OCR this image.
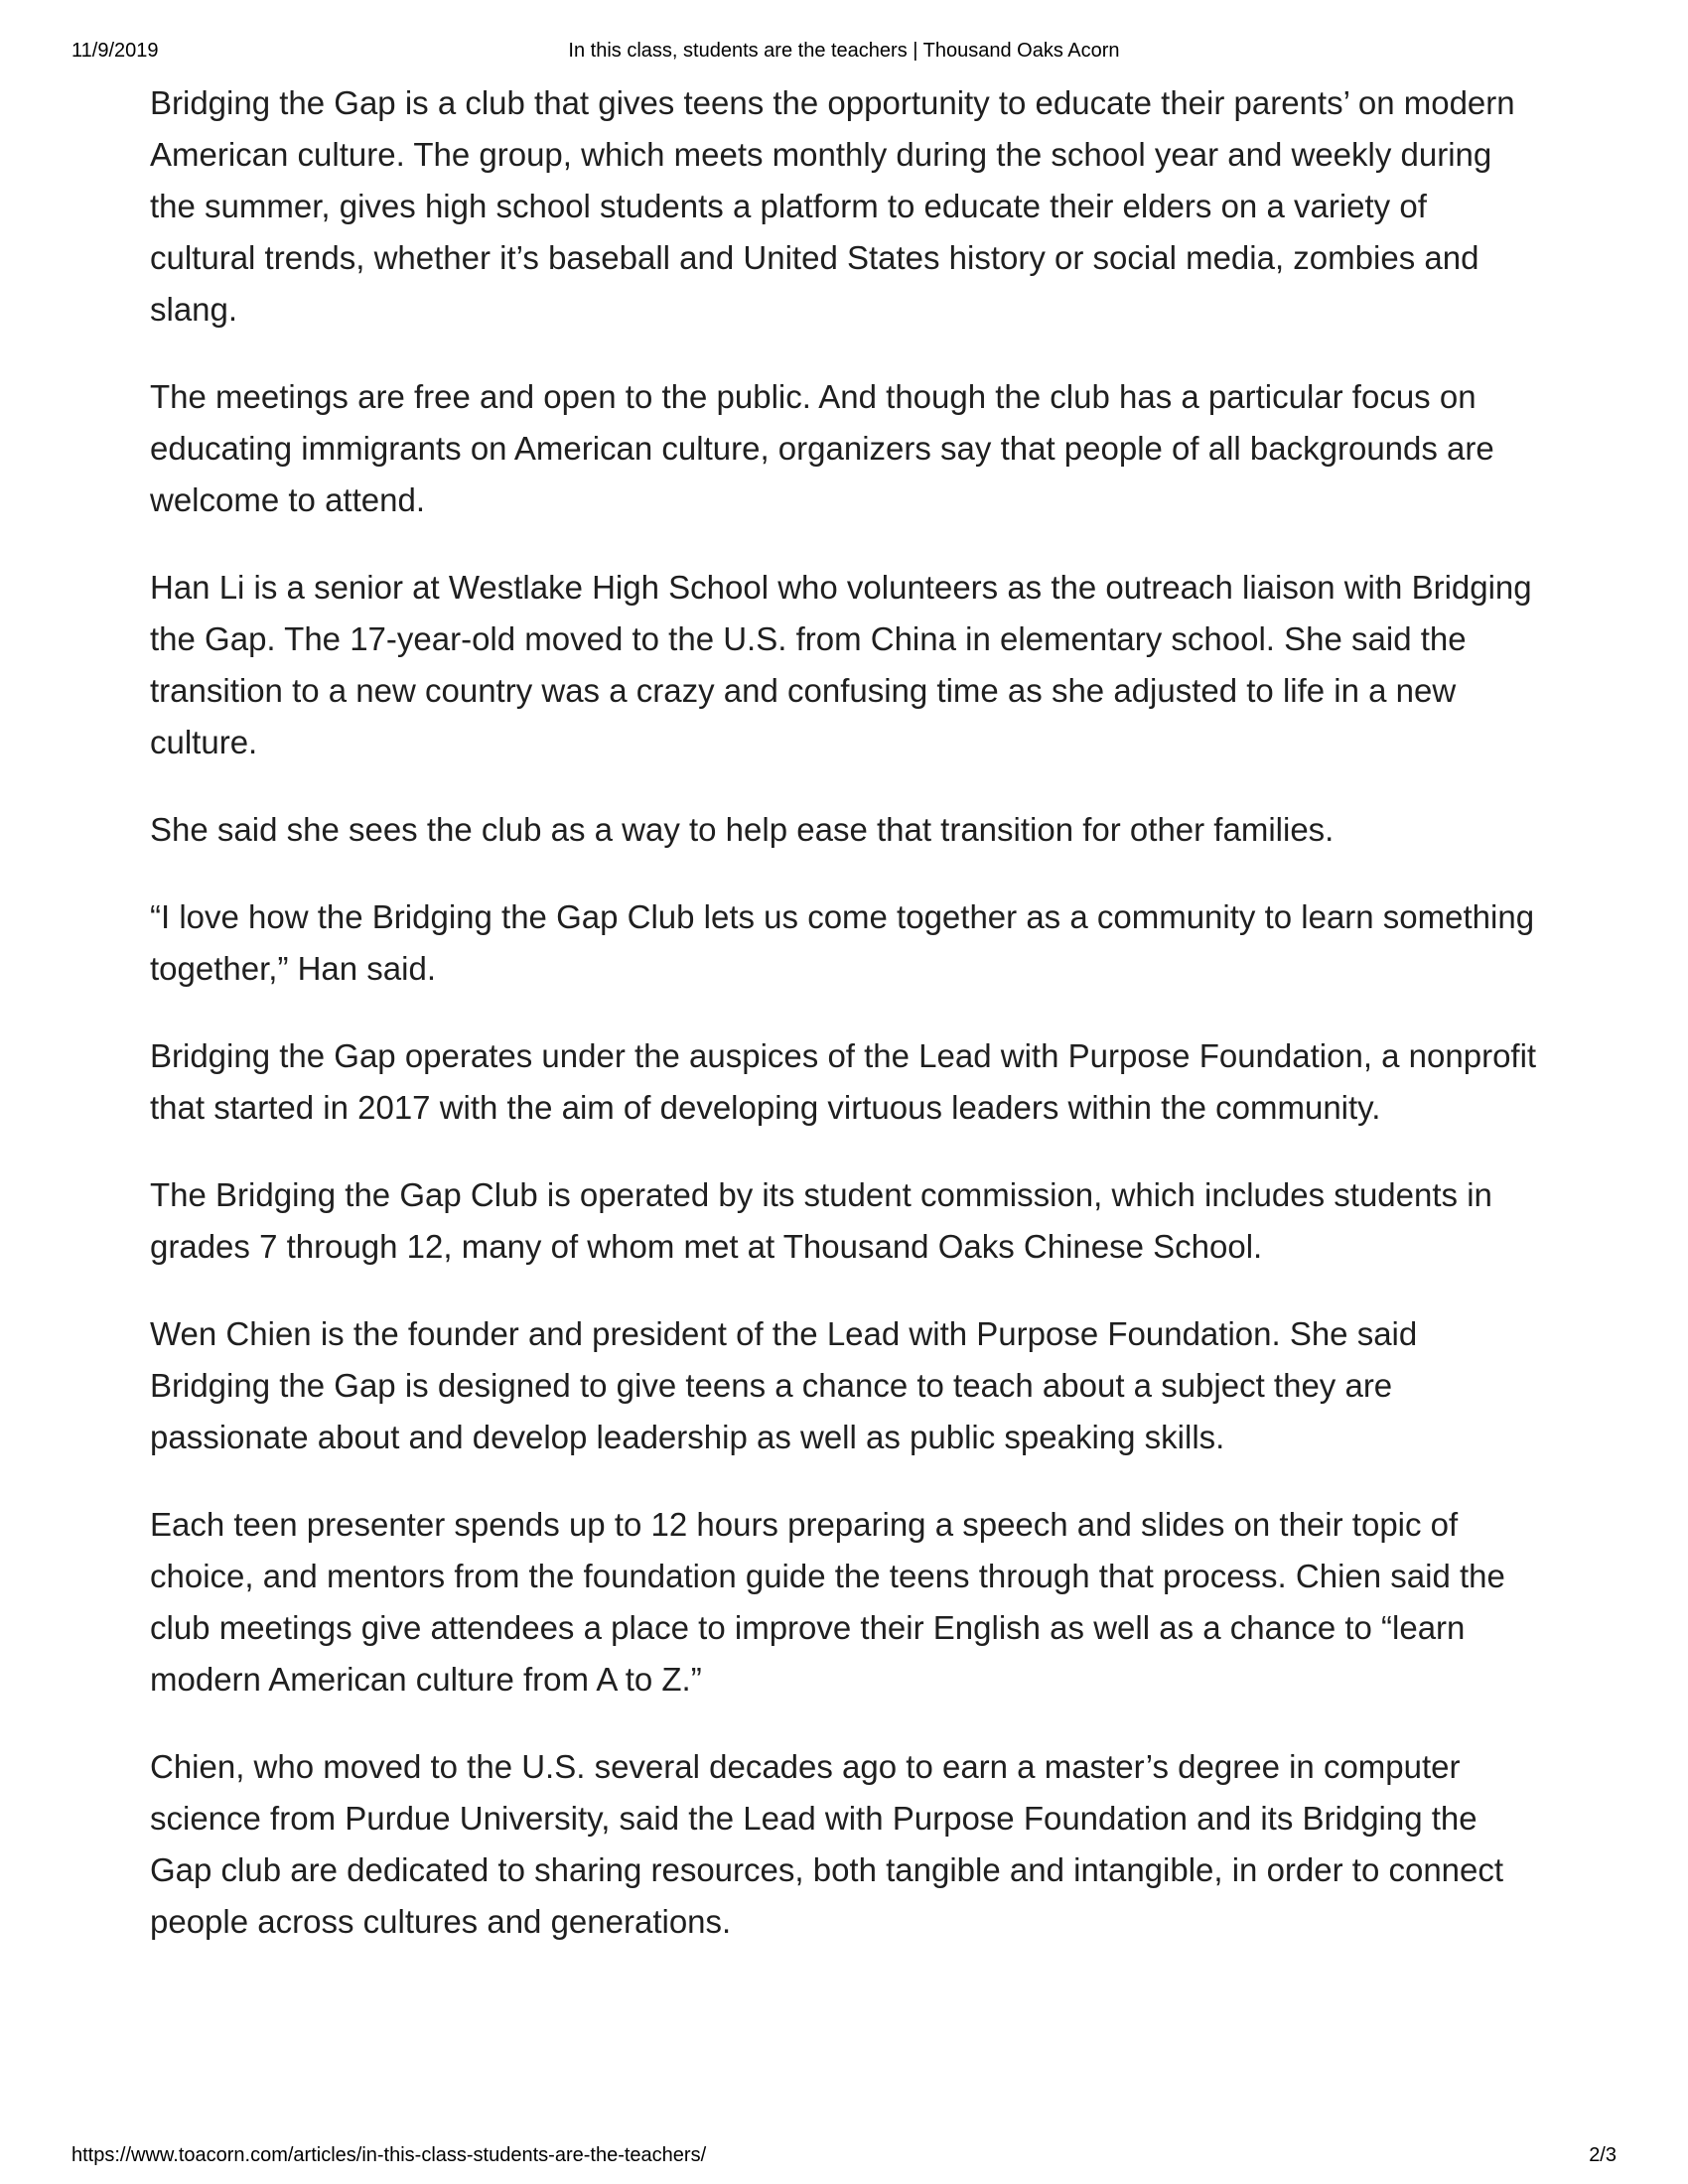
11/9/2019	In this class, students are the teachers | Thousand Oaks Acorn

Bridging the Gap is a club that gives teens the opportunity to educate their parents’ on modern American culture. The group, which meets monthly during the school year and weekly during the summer, gives high school students a platform to educate their elders on a variety of cultural trends, whether it’s baseball and United States history or social media, zombies and slang.

The meetings are free and open to the public. And though the club has a particular focus on educating immigrants on American culture, organizers say that people of all backgrounds are welcome to attend.

Han Li is a senior at Westlake High School who volunteers as the outreach liaison with Bridging the Gap. The 17-year-old moved to the U.S. from China in elementary school. She said the transition to a new country was a crazy and confusing time as she adjusted to life in a new culture.

She said she sees the club as a way to help ease that transition for other families.

“I love how the Bridging the Gap Club lets us come together as a community to learn something together,” Han said.

Bridging the Gap operates under the auspices of the Lead with Purpose Foundation, a nonprofit that started in 2017 with the aim of developing virtuous leaders within the community.

The Bridging the Gap Club is operated by its student commission, which includes students in grades 7 through 12, many of whom met at Thousand Oaks Chinese School.

Wen Chien is the founder and president of the Lead with Purpose Foundation. She said Bridging the Gap is designed to give teens a chance to teach about a subject they are passionate about and develop leadership as well as public speaking skills.

Each teen presenter spends up to 12 hours preparing a speech and slides on their topic of choice, and mentors from the foundation guide the teens through that process. Chien said the club meetings give attendees a place to improve their English as well as a chance to “learn modern American culture from A to Z.”

Chien, who moved to the U.S. several decades ago to earn a master’s degree in computer science from Purdue University, said the Lead with Purpose Foundation and its Bridging the Gap club are dedicated to sharing resources, both tangible and intangible, in order to connect people across cultures and generations.

https://www.toacorn.com/articles/in-this-class-students-are-the-teachers/	2/3
